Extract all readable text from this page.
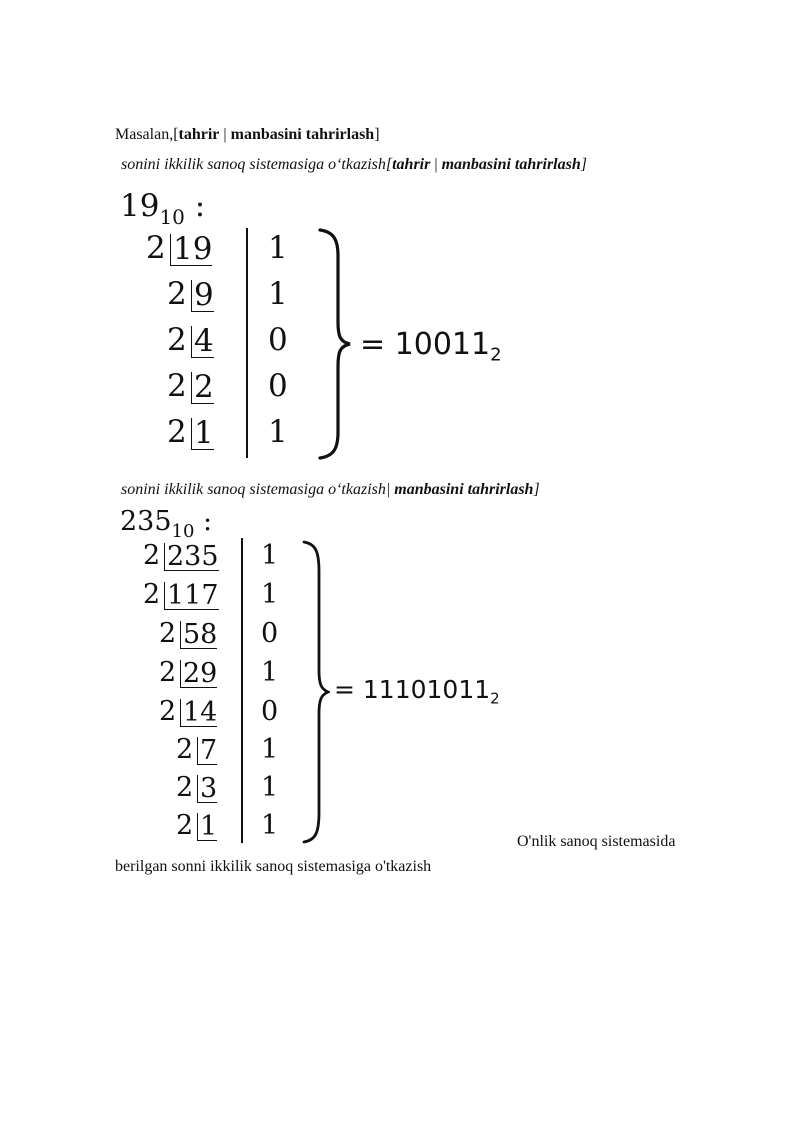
Masalan,[tahrir | manbasini tahrirlash]
sonini ikkilik sanoq sistemasiga o‘tkazish[tahrir | manbasini tahrirlash]
$19_{10}$ :
2 19 1
2 9 1
2 4 0
2 2 0
2 1 1
= $10011_2$
sonini ikkilik sanoq sistemasiga o‘tkazish| manbasini tahrirlash]
$235_{10}$ :
2 235 1
2 117 1
2 58 0
2 29 1
2 14 0
2 7 1
2 3 1
2 1 1
= $11101011_2$
O'nlik sanoq sistemasida
berilgan sonni ikkilik sanoq sistemasiga o'tkazish
